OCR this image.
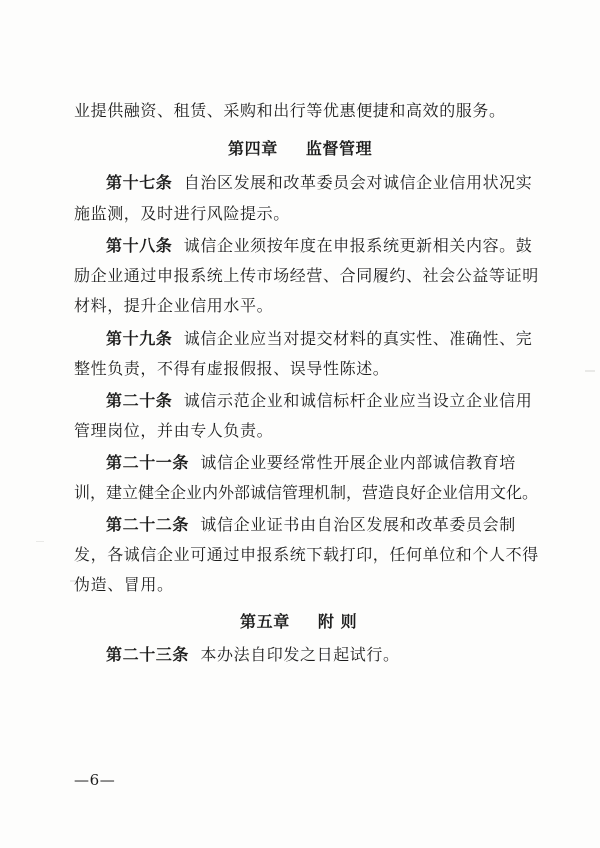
业提供融资、租赁、采购和出行等优惠便捷和高效的服务。
第四章 监督管理
第十七条 自治区发展和改革委员会对诚信企业信用状况实
施监测，及时进行风险提示。
第十八条 诚信企业须按年度在申报系统更新相关内容。鼓
励企业通过申报系统上传市场经营、合同履约、社会公益等证明
材料，提升企业信用水平。
第十九条 诚信企业应当对提交材料的真实性、准确性、完
整性负责，不得有虚报假报、误导性陈述。
第二十条 诚信示范企业和诚信标杆企业应当设立企业信用
管理岗位，并由专人负责。
第二十一条 诚信企业要经常性开展企业内部诚信教育培
训，建立健全企业内外部诚信管理机制，营造良好企业信用文化。
第二十二条 诚信企业证书由自治区发展和改革委员会制
发，各诚信企业可通过申报系统下载打印，任何单位和个人不得
伪造、冒用。
第五章 附 则
第二十三条 本办法自印发之日起试行。
—6—
